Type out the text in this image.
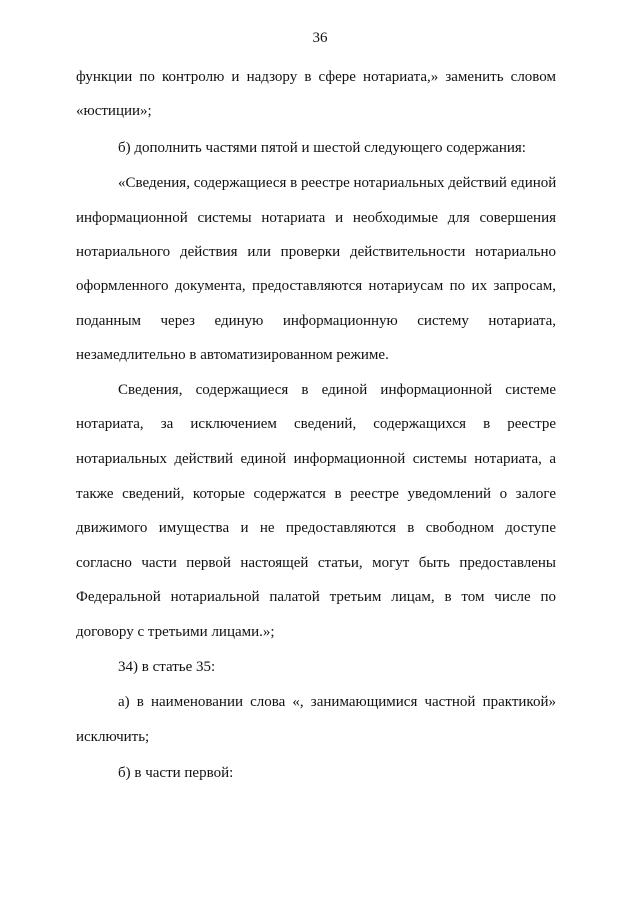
36
функции по контролю и надзору в сфере нотариата,» заменить словом
«юстиции»;
б) дополнить частями пятой и шестой следующего содержания:
«Сведения, содержащиеся в реестре нотариальных действий единой
информационной системы нотариата и необходимые для совершения
нотариального действия или проверки действительности нотариально
оформленного документа, предоставляются нотариусам по их запросам,
поданным через единую информационную систему нотариата,
незамедлительно в автоматизированном режиме.
Сведения, содержащиеся в единой информационной системе
нотариата, за исключением сведений, содержащихся в реестре
нотариальных действий единой информационной системы нотариата, а
также сведений, которые содержатся в реестре уведомлений о залоге
движимого имущества и не предоставляются в свободном доступе
согласно части первой настоящей статьи, могут быть предоставлены
Федеральной нотариальной палатой третьим лицам, в том числе по
договору с третьими лицами.»;
34) в статье 35:
а) в наименовании слова «, занимающимися частной практикой»
исключить;
б) в части первой:
